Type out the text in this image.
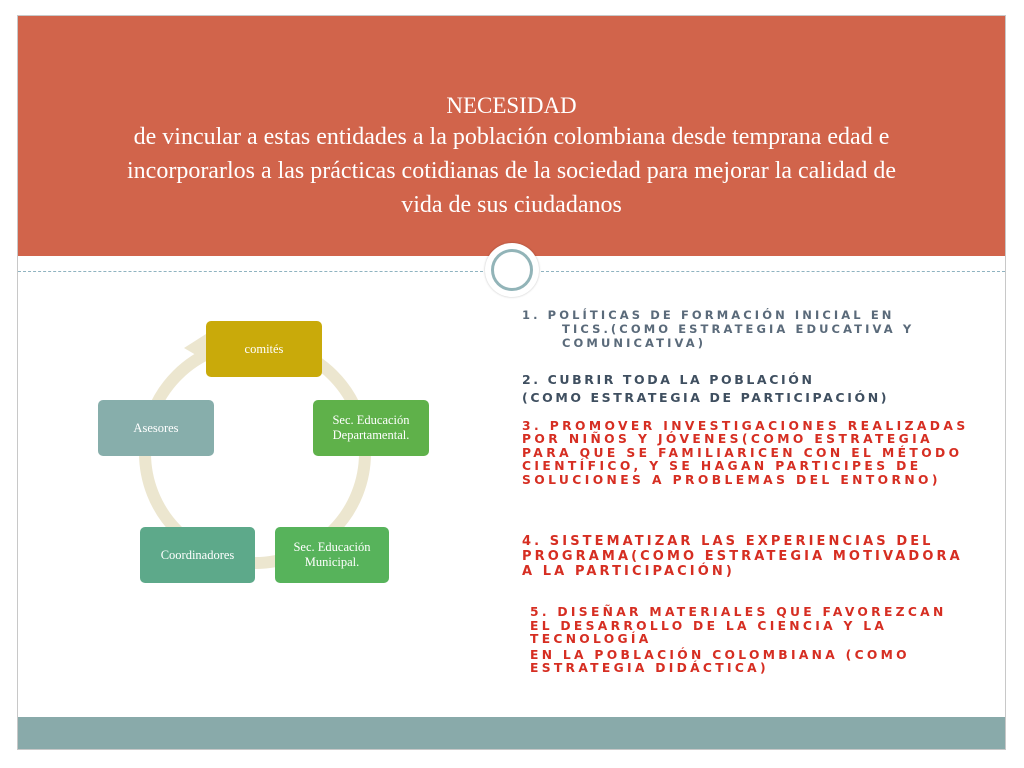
NECESIDAD
de vincular a estas entidades a la población colombiana desde temprana edad e incorporarlos a las prácticas cotidianas de la sociedad para mejorar la calidad de vida de sus ciudadanos
comités
Sec. Educación Departamental.
Sec. Educación Municipal.
Coordinadores
Asesores
1. POLÍTICAS DE FORMACIÓN INICIAL EN
TICS.(COMO ESTRATEGIA EDUCATIVA Y COMUNICATIVA)
2. CUBRIR TODA LA POBLACIÓN
(COMO ESTRATEGIA DE PARTICIPACIÓN)
3. PROMOVER INVESTIGACIONES REALIZADAS POR NIÑOS Y JÓVENES(COMO ESTRATEGIA PARA QUE SE FAMILIARICEN CON EL MÉTODO CIENTÍFICO, Y SE HAGAN PARTICIPES DE SOLUCIONES A PROBLEMAS DEL ENTORNO)
4. SISTEMATIZAR LAS EXPERIENCIAS DEL PROGRAMA(COMO ESTRATEGIA MOTIVADORA A LA PARTICIPACIÓN)
5. DISEÑAR MATERIALES QUE FAVOREZCAN EL DESARROLLO DE LA CIENCIA Y LA TECNOLOGÍA
EN LA POBLACIÓN COLOMBIANA (COMO ESTRATEGIA DIDÁCTICA)
